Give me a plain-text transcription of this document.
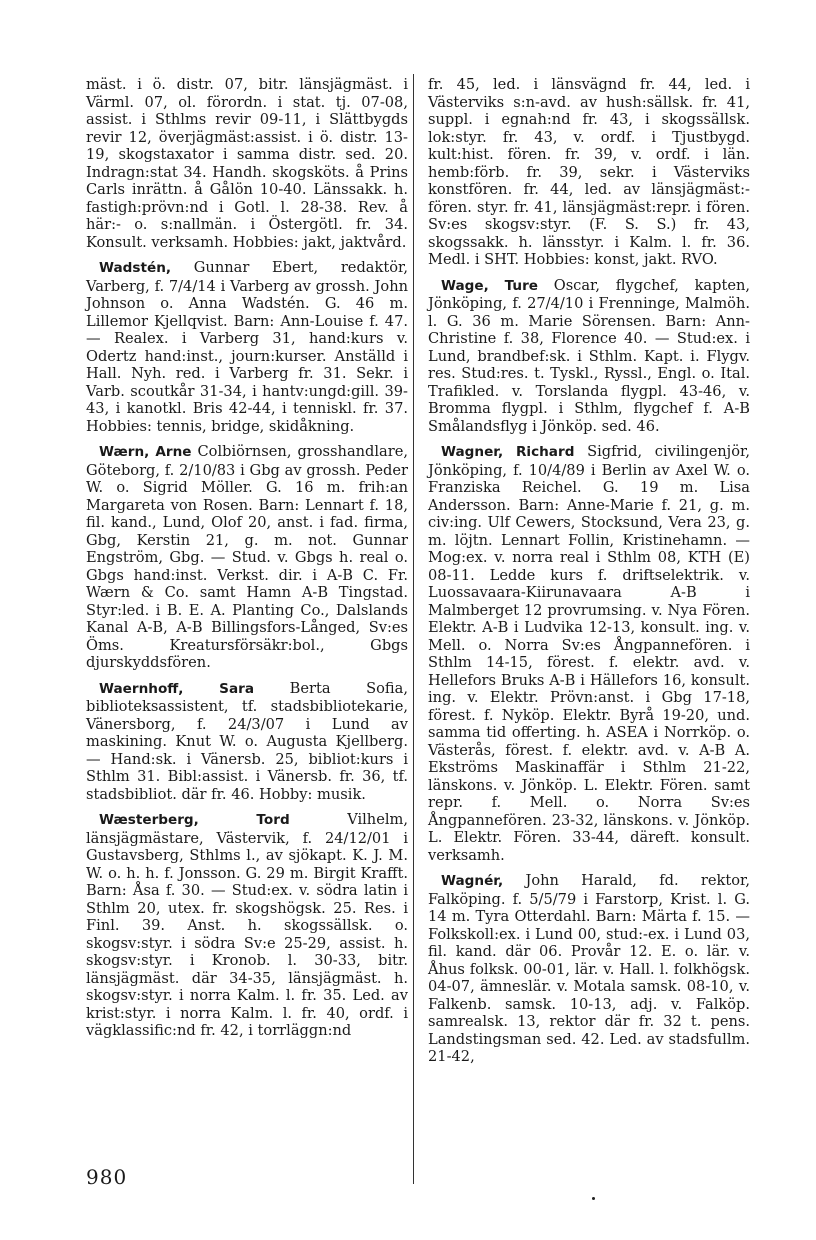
mäst. i ö. distr. 07, bitr. länsjägmäst. i Värml. 07, ol. förordn. i stat. tj. 07-08, assist. i Sthlms revir 09-11, i Slättbygds revir 12, överjägmäst:assist. i ö. distr. 13-19, skogstaxator i samma distr. sed. 20. Indragn:stat 34. Handh. skogsköts. å Prins Carls inrättn. å Gålön 10-40. Länssakk. h. fastigh:prövn:nd i Gotl. l. 28-38. Rev. å här:- o. s:nallmän. i Östergötl. fr. 34. Konsult. verksamh. Hobbies: jakt, jaktvård.

Wadstén, Gunnar Ebert, redaktör, Varberg, f. 7/4/14 i Varberg av grossh. John Johnson o. Anna Wadstén. G. 46 m. Lillemor Kjellqvist. Barn: Ann-Louise f. 47. — Realex. i Varberg 31, hand:kurs v. Odertz hand:inst., journ:kurser. Anställd i Hall. Nyh. red. i Varberg fr. 31. Sekr. i Varb. scoutkår 31-34, i hantv:ungd:gill. 39-43, i kanotkl. Bris 42-44, i tenniskl. fr. 37. Hobbies: tennis, bridge, skidåkning.

Wærn, Arne Colbiörnsen, grosshandlare, Göteborg, f. 2/10/83 i Gbg av grossh. Peder W. o. Sigrid Möller. G. 16 m. frih:an Margareta von Rosen. Barn: Lennart f. 18, fil. kand., Lund, Olof 20, anst. i fad. firma, Gbg, Kerstin 21, g. m. not. Gunnar Engström, Gbg. — Stud. v. Gbgs h. real o. Gbgs hand:inst. Verkst. dir. i A-B C. Fr. Wærn & Co. samt Hamn A-B Tingstad. Styr:led. i B. E. A. Planting Co., Dalslands Kanal A-B, A-B Billingsfors-Långed, Sv:es Öms. Kreatursförsäkr:bol., Gbgs djurskyddsfören.

Waernhoff, Sara Berta Sofia, biblioteksassistent, tf. stadsbibliotekarie, Vänersborg, f. 24/3/07 i Lund av maskining. Knut W. o. Augusta Kjellberg. — Hand:sk. i Vänersb. 25, bibliot:kurs i Sthlm 31. Bibl:assist. i Vänersb. fr. 36, tf. stadsbibliot. där fr. 46. Hobby: musik.

Wæsterberg, Tord Vilhelm, länsjägmästare, Västervik, f. 24/12/01 i Gustavsberg, Sthlms l., av sjökapt. K. J. M. W. o. h. h. f. Jonsson. G. 29 m. Birgit Krafft. Barn: Åsa f. 30. — Stud:ex. v. södra latin i Sthlm 20, utex. fr. skogshögsk. 25. Res. i Finl. 39. Anst. h. skogssällsk. o. skogsv:styr. i södra Sv:e 25-29, assist. h. skogsv:styr. i Kronob. l. 30-33, bitr. länsjägmäst. där 34-35, länsjägmäst. h. skogsv:styr. i norra Kalm. l. fr. 35. Led. av krist:styr. i norra Kalm. l. fr. 40, ordf. i vägklassific:nd fr. 42, i torrläggn:nd

fr. 45, led. i länsvägnd fr. 44, led. i Västerviks s:n-avd. av hush:sällsk. fr. 41, suppl. i egnah:nd fr. 43, i skogssällsk. lok:styr. fr. 43, v. ordf. i Tjustbygd. kult:hist. fören. fr. 39, v. ordf. i län. hemb:förb. fr. 39, sekr. i Västerviks konstfören. fr. 44, led. av länsjägmäst:-fören. styr. fr. 41, länsjägmäst:repr. i fören. Sv:es skogsv:styr. (F. S. S.) fr. 43, skogssakk. h. länsstyr. i Kalm. l. fr. 36. Medl. i SHT. Hobbies: konst, jakt. RVO.

Wage, Ture Oscar, flygchef, kapten, Jönköping, f. 27/4/10 i Frenninge, Malmöh. l. G. 36 m. Marie Sörensen. Barn: Ann-Christine f. 38, Florence 40. — Stud:ex. i Lund, brandbef:sk. i Sthlm. Kapt. i. Flygv. res. Stud:res. t. Tyskl., Ryssl., Engl. o. Ital. Trafikled. v. Torslanda flygpl. 43-46, v. Bromma flygpl. i Sthlm, flygchef f. A-B Smålandsflyg i Jönköp. sed. 46.

Wagner, Richard Sigfrid, civilingenjör, Jönköping, f. 10/4/89 i Berlin av Axel W. o. Franziska Reichel. G. 19 m. Lisa Andersson. Barn: Anne-Marie f. 21, g. m. civ:ing. Ulf Cewers, Stocksund, Vera 23, g. m. löjtn. Lennart Follin, Kristinehamn. — Mog:ex. v. norra real i Sthlm 08, KTH (E) 08-11. Ledde kurs f. driftselektrik. v. Luossavaara-Kiirunavaara A-B i Malmberget 12 provrumsing. v. Nya Fören. Elektr. A-B i Ludvika 12-13, konsult. ing. v. Mell. o. Norra Sv:es Ångpannefören. i Sthlm 14-15, förest. f. elektr. avd. v. Hellefors Bruks A-B i Hällefors 16, konsult. ing. v. Elektr. Prövn:anst. i Gbg 17-18, förest. f. Nyköp. Elektr. Byrå 19-20, und. samma tid offerting. h. ASEA i Norrköp. o. Västerås, förest. f. elektr. avd. v. A-B A. Ekströms Maskinaffär i Sthlm 21-22, länskons. v. Jönköp. L. Elektr. Fören. samt repr. f. Mell. o. Norra Sv:es Ångpannefören. 23-32, länskons. v. Jönköp. L. Elektr. Fören. 33-44, däreft. konsult. verksamh.

Wagnér, John Harald, fd. rektor, Falköping. f. 5/5/79 i Farstorp, Krist. l. G. 14 m. Tyra Otterdahl. Barn: Märta f. 15. — Folkskoll:ex. i Lund 00, stud:-ex. i Lund 03, fil. kand. där 06. Provår 12. E. o. lär. v. Åhus folksk. 00-01, lär. v. Hall. l. folkhögsk. 04-07, ämneslär. v. Motala samsk. 08-10, v. Falkenb. samsk. 10-13, adj. v. Falköp. samrealsk. 13, rektor där fr. 32 t. pens. Landstingsman sed. 42. Led. av stadsfullm. 21-42,

980
